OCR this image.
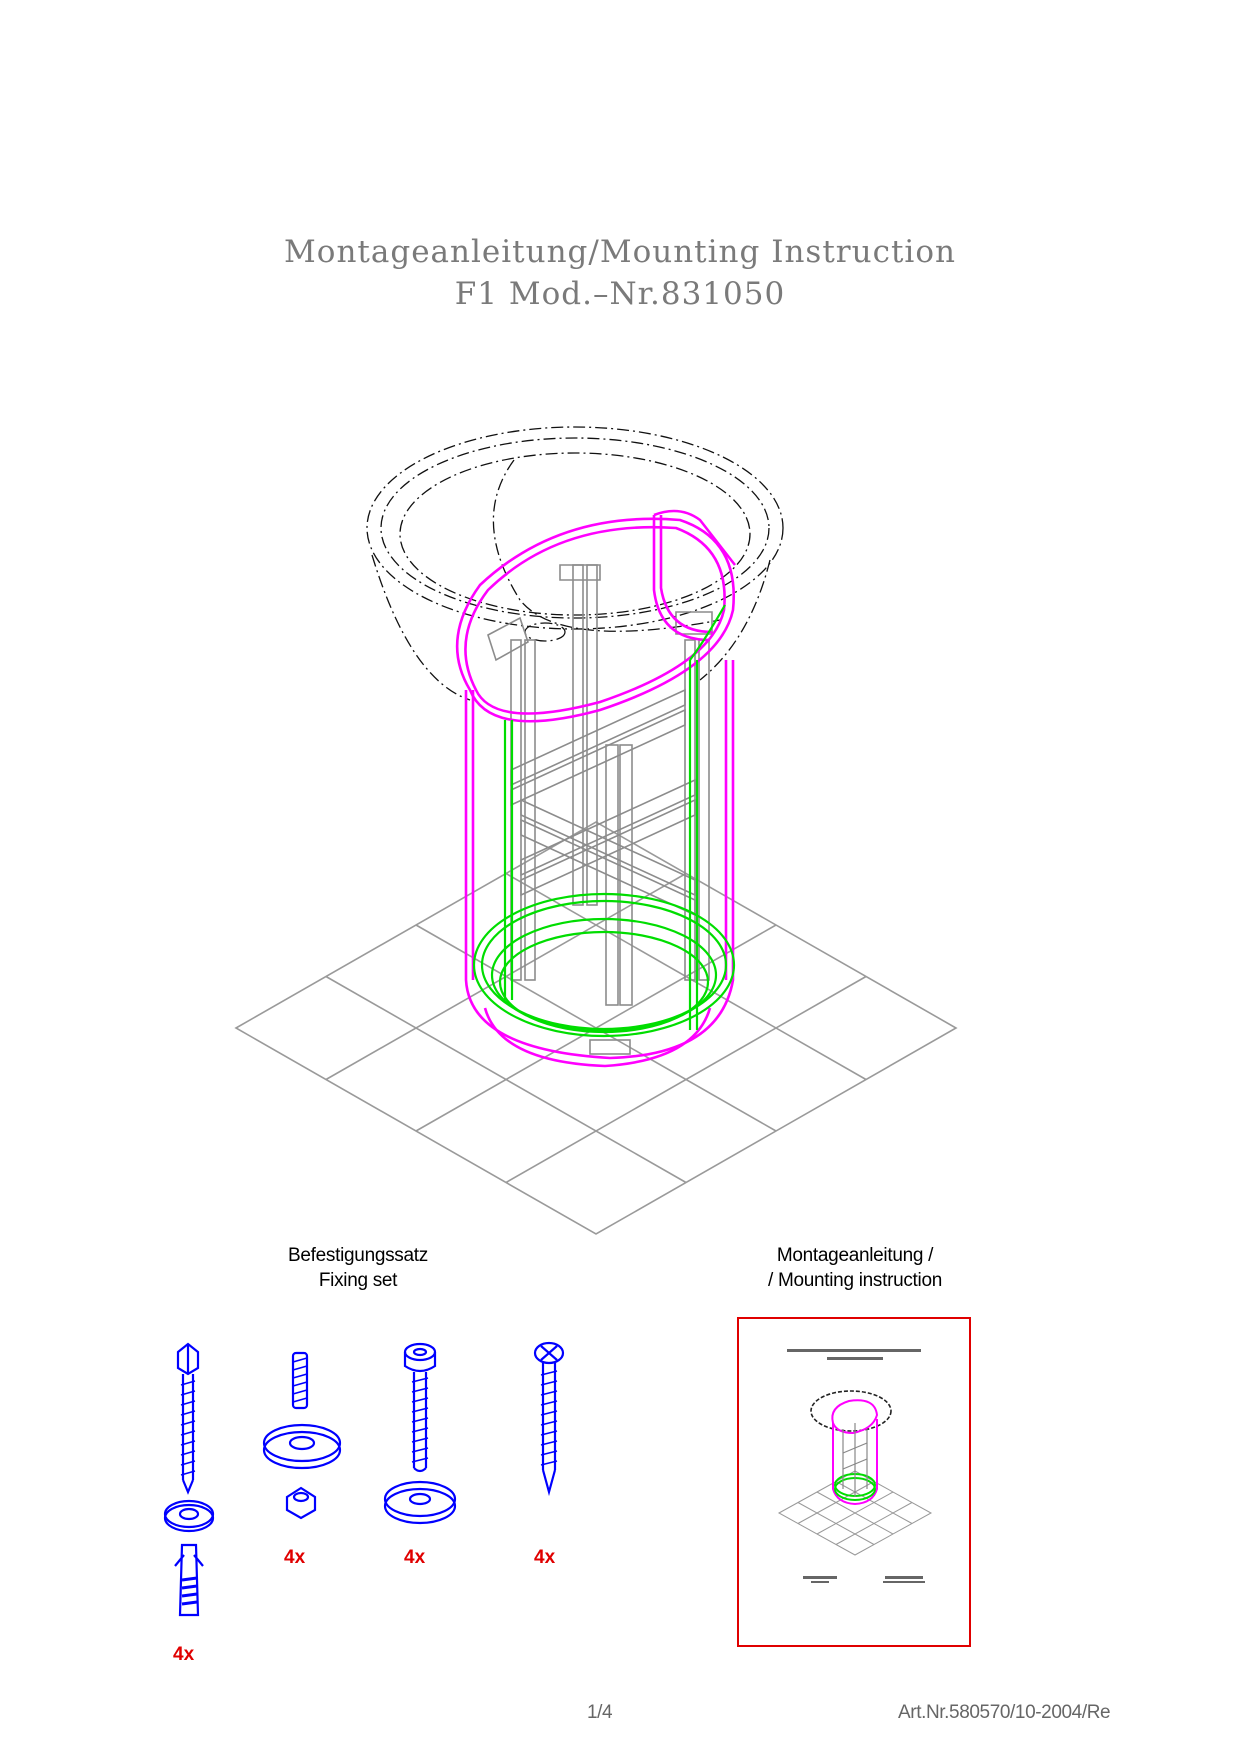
Montageanleitung/Mounting Instruction
F1 Mod.–Nr.831050
Befestigungssatz
Fixing set
Montageanleitung /
/ Mounting instruction
4x
4x	4x	4x
1/4	Art.Nr.580570/10-2004/Re
